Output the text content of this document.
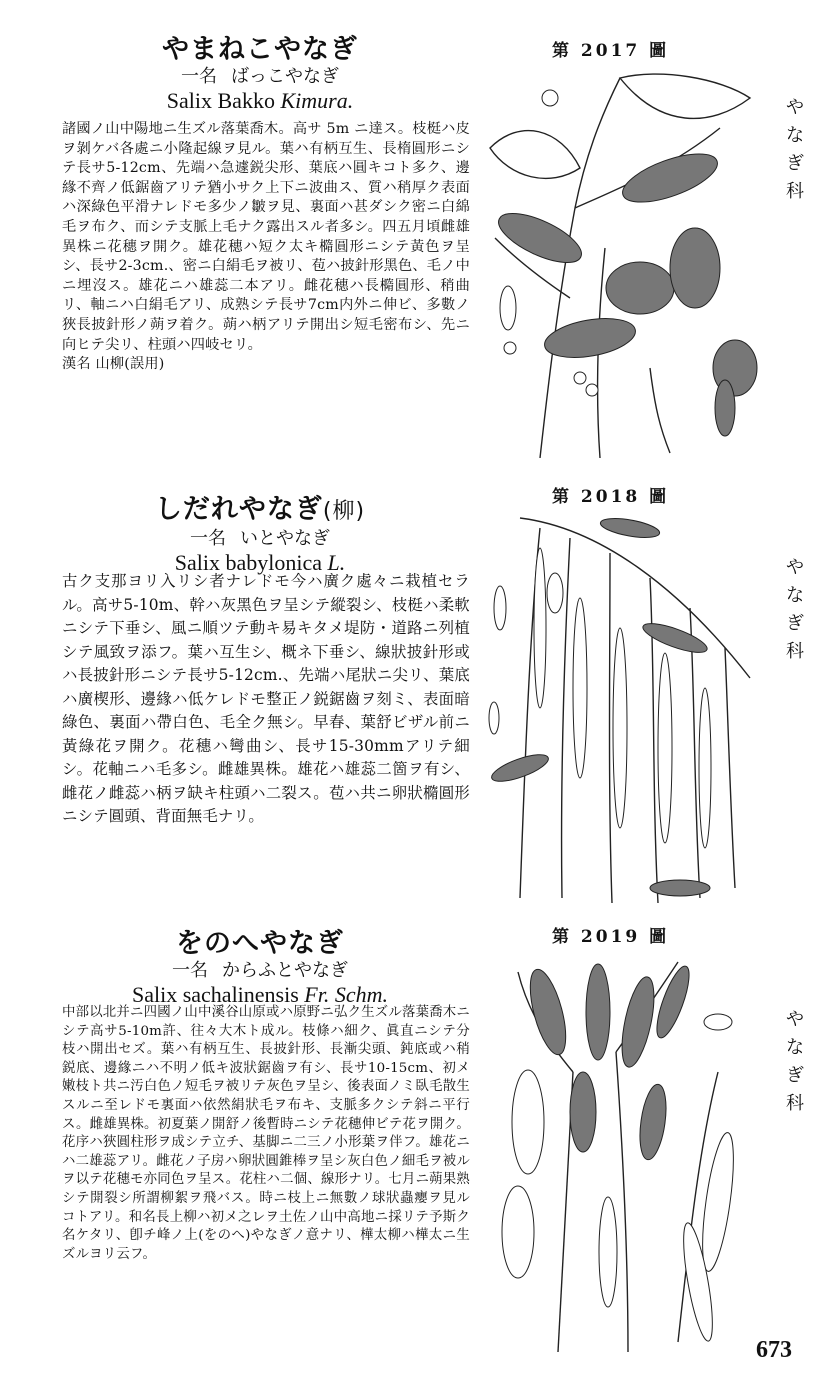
やまねこやなぎ
一名 ばっこやなぎ
Salix Bakko Kimura.
諸國ノ山中陽地ニ生ズル落葉喬木。高サ 5m ニ達ス。枝梃ハ皮ヲ剝ケバ各處ニ小隆起線ヲ見ル。葉ハ有柄互生、長楕圓形ニシテ長サ5-12cm、先端ハ急遽鋭尖形、葉底ハ圓キコト多ク、邊緣不齊ノ低鋸齒アリテ猶小サク上下ニ波曲ス、質ハ稍厚ク表面ハ深綠色平滑ナレドモ多少ノ皺ヲ見、裏面ハ甚ダシク密ニ白綿毛ヲ布ク、而シテ支脈上毛ナク露出スル者多シ。四五月頃雌雄異株ニ花穗ヲ開ク。雄花穗ハ短ク太キ橢圓形ニシテ黃色ヲ呈シ、長サ2-3cm.、密ニ白絹毛ヲ被リ、苞ハ披針形黑色、毛ノ中ニ埋沒ス。雄花ニハ雄蕊二本アリ。雌花穗ハ長橢圓形、稍曲リ、軸ニハ白絹毛アリ、成熟シテ長サ7cm内外ニ伸ビ、多數ノ狹長披針形ノ蒴ヲ着ク。蒴ハ柄アリテ開出シ短毛密布シ、先ニ向ヒテ尖リ、柱頭ハ四岐セリ。
漢名 山柳(誤用)
第 2017 圖
やなぎ科
しだれやなぎ(柳)
一名 いとやなぎ
Salix babylonica L.
古ク支那ヨリ入リシ者ナレドモ今ハ廣ク處々ニ栽植セラル。高サ5-10m、幹ハ灰黑色ヲ呈シテ縱裂シ、枝梃ハ柔軟ニシテ下垂シ、風ニ順ツテ動キ易キタメ堤防・道路ニ列植シテ風致ヲ添フ。葉ハ互生シ、概ネ下垂シ、線狀披針形或ハ長披針形ニシテ長サ5-12cm.、先端ハ尾狀ニ尖リ、葉底ハ廣楔形、邊緣ハ低ケレドモ整正ノ鋭鋸齒ヲ刻ミ、表面暗綠色、裏面ハ帶白色、毛全ク無シ。早春、葉舒ビザル前ニ黃綠花ヲ開ク。花穗ハ彎曲シ、長サ15-30mmアリテ細シ。花軸ニハ毛多シ。雌雄異株。雄花ハ雄蕊二箇ヲ有シ、雌花ノ雌蕊ハ柄ヲ缺キ柱頭ハ二裂ス。苞ハ共ニ卵狀橢圓形ニシテ圓頭、背面無毛ナリ。
第 2018 圖
やなぎ科
をのへやなぎ
一名 からふとやなぎ
Salix sachalinensis Fr. Schm.
中部以北并ニ四國ノ山中溪谷山原或ハ原野ニ弘ク生ズル落葉喬木ニシテ高サ5-10m許、往々大木ト成ル。枝條ハ細ク、眞直ニシテ分枝ハ開出セズ。葉ハ有柄互生、長披針形、長漸尖頭、鈍底或ハ稍鋭底、邊緣ニハ不明ノ低キ波狀鋸齒ヲ有シ、長サ10-15cm、初メ嫩枝ト共ニ汚白色ノ短毛ヲ被リテ灰色ヲ呈シ、後表面ノミ臥毛散生スルニ至レドモ裏面ハ依然絹狀毛ヲ布キ、支脈多クシテ斜ニ平行ス。雌雄異株。初夏葉ノ開舒ノ後暫時ニシテ花穗伸ビテ花ヲ開ク。花序ハ狹圓柱形ヲ成シテ立チ、基脚ニ二三ノ小形葉ヲ伴フ。雄花ニハ二雄蕊アリ。雌花ノ子房ハ卵狀圓錐棒ヲ呈シ灰白色ノ細毛ヲ被ルヲ以テ花穗モ亦同色ヲ呈ス。花柱ハ二個、線形ナリ。七月ニ蒴果熟シテ開裂シ所謂柳絮ヲ飛バス。時ニ枝上ニ無數ノ球狀蟲癭ヲ見ルコトアリ。和名長上柳ハ初メ之レヲ土佐ノ山中高地ニ採リテ予斯ク名ケタリ、卽チ峰ノ上(をのへ)やなぎノ意ナリ、樺太柳ハ樺太ニ生ズルヨリ云フ。
第 2019 圖
やなぎ科
673
